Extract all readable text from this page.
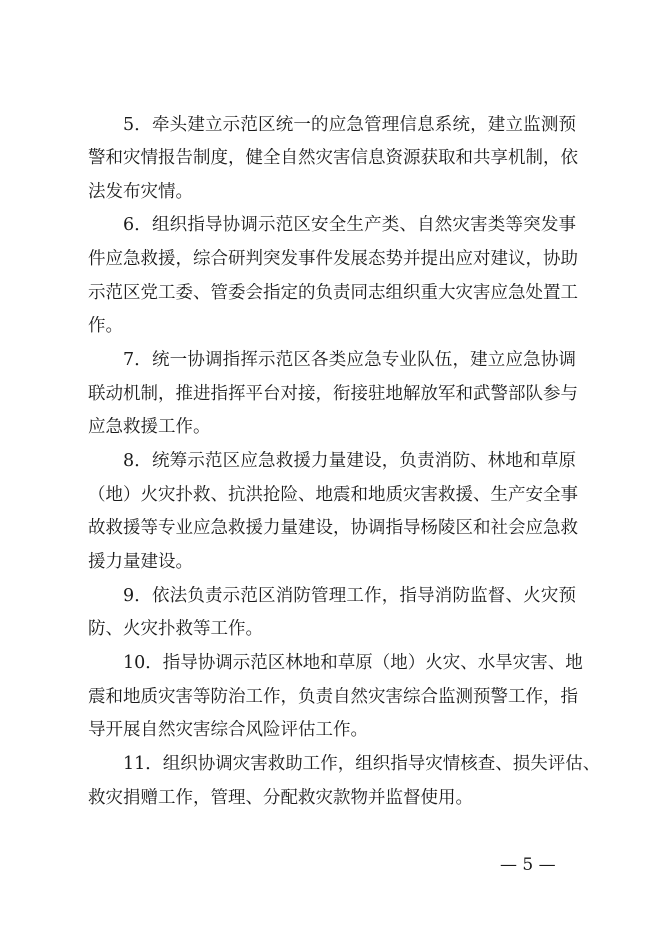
5．牵头建立示范区统一的应急管理信息系统，建立监测预
警和灾情报告制度，健全自然灾害信息资源获取和共享机制，依
法发布灾情。
6．组织指导协调示范区安全生产类、自然灾害类等突发事
件应急救援，综合研判突发事件发展态势并提出应对建议，协助
示范区党工委、管委会指定的负责同志组织重大灾害应急处置工
作。
7．统一协调指挥示范区各类应急专业队伍，建立应急协调
联动机制，推进指挥平台对接，衔接驻地解放军和武警部队参与
应急救援工作。
8．统筹示范区应急救援力量建设，负责消防、林地和草原
（地）火灾扑救、抗洪抢险、地震和地质灾害救援、生产安全事
故救援等专业应急救援力量建设，协调指导杨陵区和社会应急救
援力量建设。
9．依法负责示范区消防管理工作，指导消防监督、火灾预
防、火灾扑救等工作。
10．指导协调示范区林地和草原（地）火灾、水旱灾害、地
震和地质灾害等防治工作，负责自然灾害综合监测预警工作，指
导开展自然灾害综合风险评估工作。
11．组织协调灾害救助工作，组织指导灾情核查、损失评估、
救灾捐赠工作，管理、分配救灾款物并监督使用。
— 5 —
